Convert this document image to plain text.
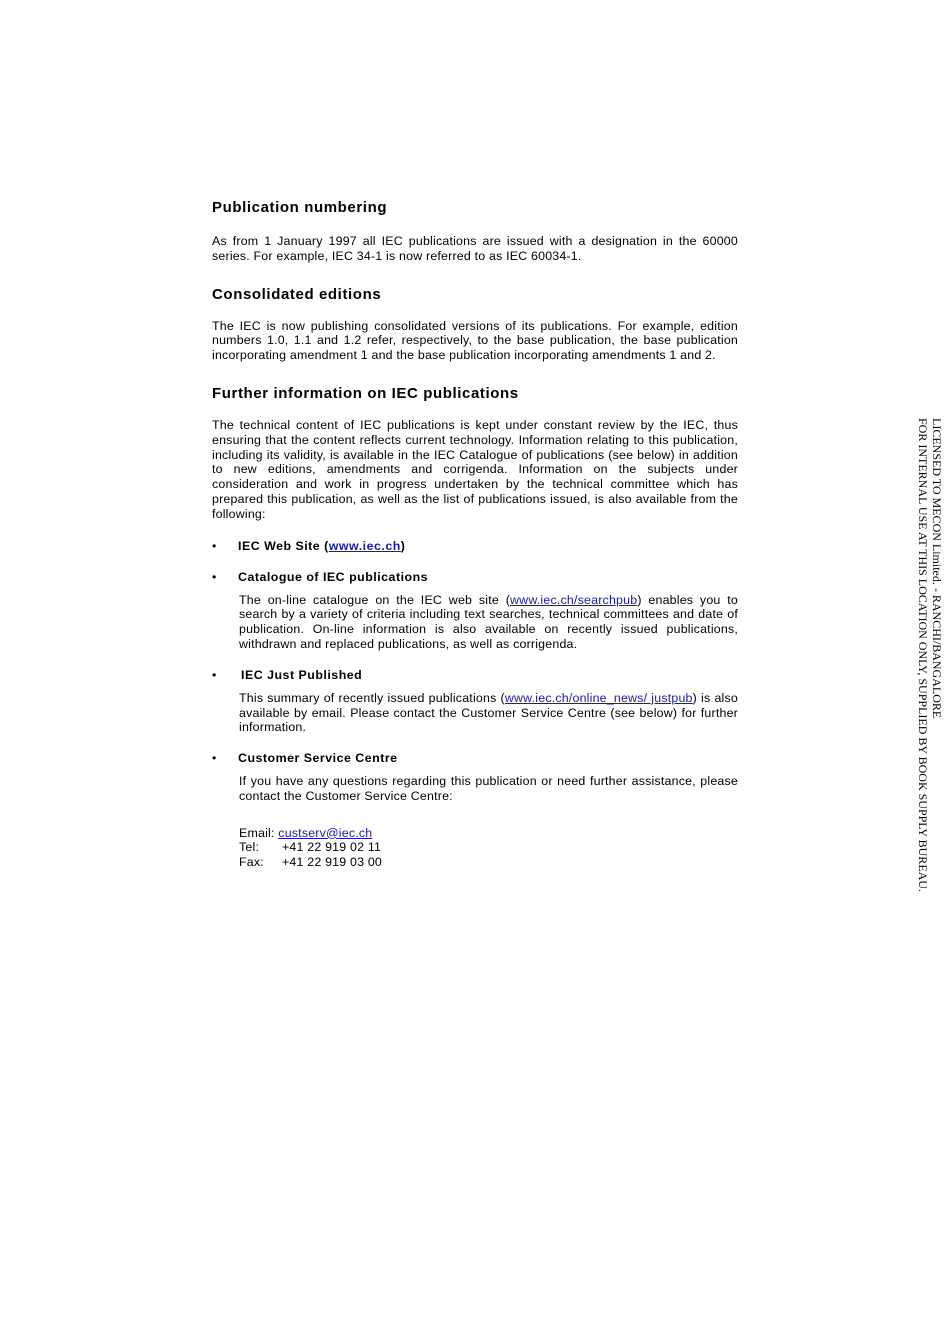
Publication numbering

As from 1 January 1997 all IEC publications are issued with a designation in the 60000 series. For example, IEC 34-1 is now referred to as IEC 60034-1.

Consolidated editions

The IEC is now publishing consolidated versions of its publications. For example, edition numbers 1.0, 1.1 and 1.2 refer, respectively, to the base publication, the base publication incorporating amendment 1 and the base publication incorporating amendments 1 and 2.

Further information on IEC publications

The technical content of IEC publications is kept under constant review by the IEC, thus ensuring that the content reflects current technology. Information relating to this publication, including its validity, is available in the IEC Catalogue of publications (see below) in addition to new editions, amendments and corrigenda. Information on the subjects under consideration and work in progress undertaken by the technical committee which has prepared this publication, as well as the list of publications issued, is also available from the following:

• IEC Web Site (www.iec.ch)
• Catalogue of IEC publications

The on-line catalogue on the IEC web site (www.iec.ch/searchpub) enables you to search by a variety of criteria including text searches, technical committees and date of publication. On-line information is also available on recently issued publications, withdrawn and replaced publications, as well as corrigenda.

• IEC Just Published

This summary of recently issued publications (www.iec.ch/online_news/ justpub) is also available by email. Please contact the Customer Service Centre (see below) for further information.

• Customer Service Centre

If you have any questions regarding this publication or need further assistance, please contact the Customer Service Centre:

Email: custserv@iec.ch
Tel: +41 22 919 02 11
Fax: +41 22 919 03 00
LICENSED TO MECON Limited. - RANCHI/BANGALORE
FOR INTERNAL USE AT THIS LOCATION ONLY, SUPPLIED BY BOOK SUPPLY BUREAU.
